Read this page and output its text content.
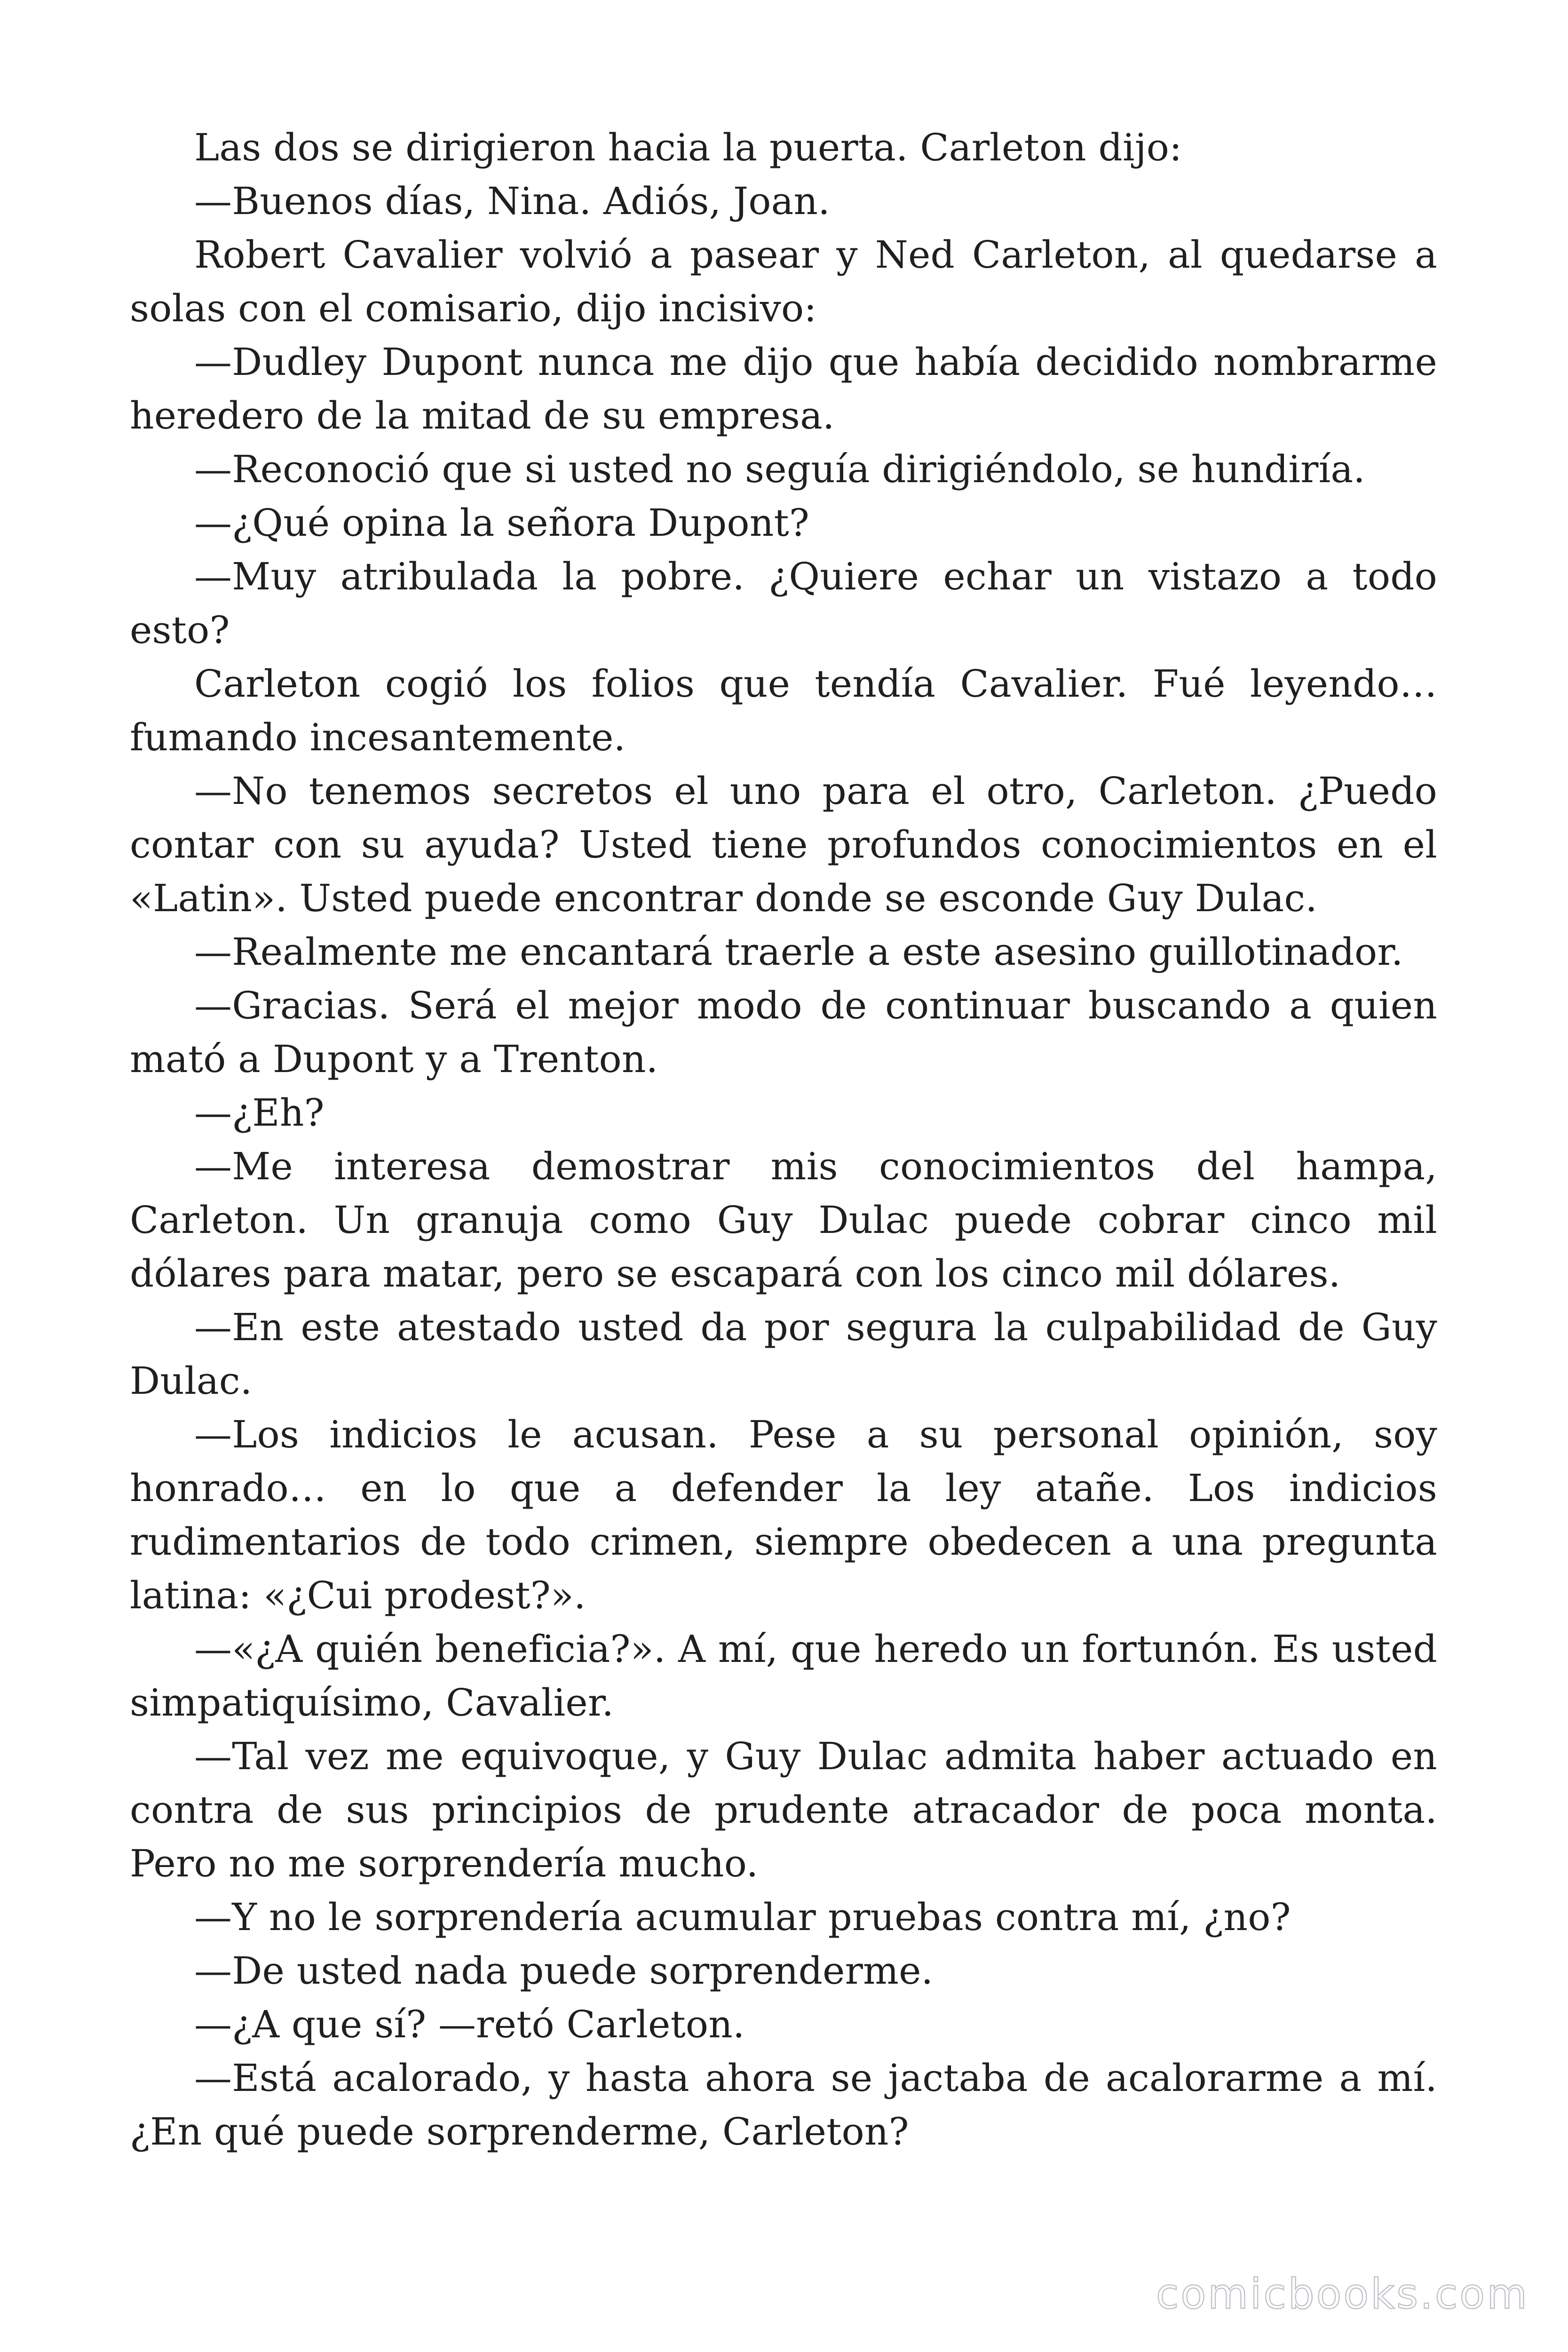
Las dos se dirigieron hacia la puerta. Carleton dijo:

—Buenos días, Nina. Adiós, Joan.

Robert Cavalier volvió a pasear y Ned Carleton, al quedarse a solas con el comisario, dijo incisivo:

—Dudley Dupont nunca me dijo que había decidido nombrarme heredero de la mitad de su empresa.

—Reconoció que si usted no seguía dirigiéndolo, se hundiría.

—¿Qué opina la señora Dupont?

—Muy atribulada la pobre. ¿Quiere echar un vistazo a todo esto?

Carleton cogió los folios que tendía Cavalier. Fué leyendo… fumando incesantemente.

—No tenemos secretos el uno para el otro, Carleton. ¿Puedo contar con su ayuda? Usted tiene profundos conocimientos en el «Latin». Usted puede encontrar donde se esconde Guy Dulac.

—Realmente me encantará traerle a este asesino guillotinador.

—Gracias. Será el mejor modo de continuar buscando a quien mató a Dupont y a Trenton.

—¿Eh?

—Me interesa demostrar mis conocimientos del hampa, Carleton. Un granuja como Guy Dulac puede cobrar cinco mil dólares para matar, pero se escapará con los cinco mil dólares.

—En este atestado usted da por segura la culpabilidad de Guy Dulac.

—Los indicios le acusan. Pese a su personal opinión, soy honrado… en lo que a defender la ley atañe. Los indicios rudimentarios de todo crimen, siempre obedecen a una pregunta latina: «¿Cui prodest?».

—«¿A quién beneficia?». A mí, que heredo un fortunón. Es usted simpatiquísimo, Cavalier.

—Tal vez me equivoque, y Guy Dulac admita haber actuado en contra de sus principios de prudente atracador de poca monta. Pero no me sorprendería mucho.

—Y no le sorprendería acumular pruebas contra mí, ¿no?

—De usted nada puede sorprenderme.

—¿A que sí? —retó Carleton.

—Está acalorado, y hasta ahora se jactaba de acalorarme a mí. ¿En qué puede sorprenderme, Carleton?

comicbooks.com
